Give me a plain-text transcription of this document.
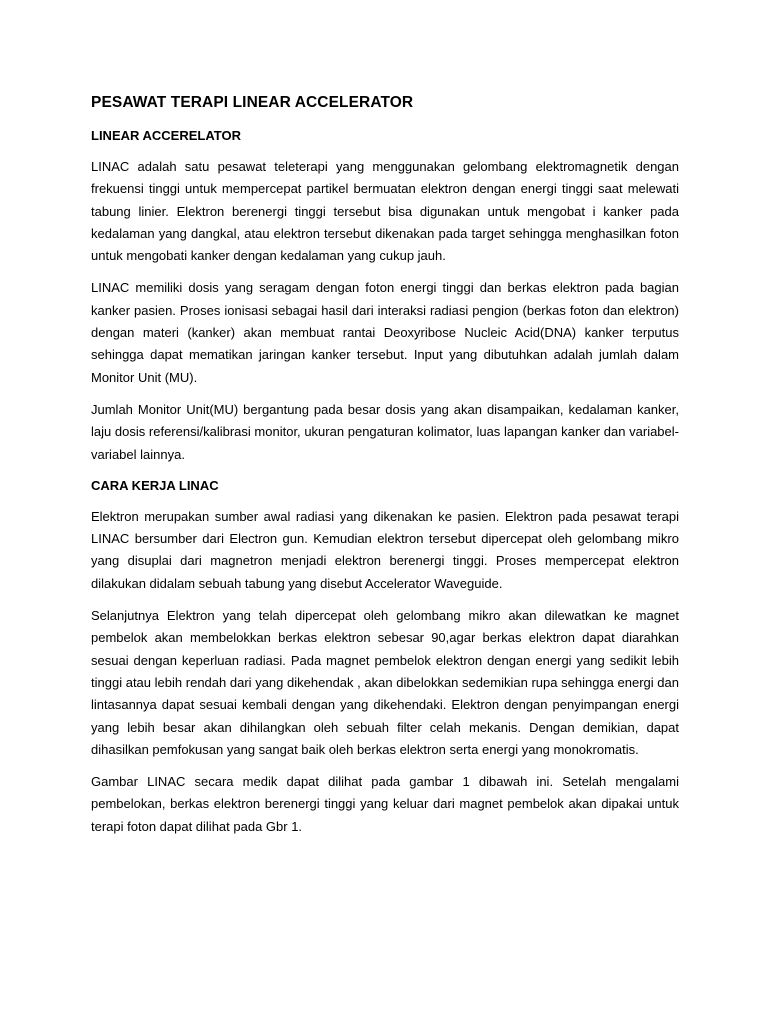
PESAWAT TERAPI LINEAR ACCELERATOR
LINEAR ACCERELATOR

LINAC adalah satu pesawat teleterapi yang menggunakan gelombang elektromagnetik dengan frekuensi tinggi untuk mempercepat partikel bermuatan elektron dengan energi tinggi saat melewati tabung linier. Elektron berenergi tinggi tersebut bisa digunakan untuk mengobat i kanker pada kedalaman yang dangkal, atau elektron tersebut dikenakan pada target sehingga menghasilkan foton untuk mengobati kanker dengan kedalaman yang cukup jauh.

LINAC memiliki dosis yang seragam dengan foton energi tinggi dan berkas elektron pada bagian kanker pasien. Proses ionisasi sebagai hasil dari interaksi radiasi pengion (berkas foton dan elektron) dengan materi (kanker) akan membuat rantai Deoxyribose Nucleic Acid(DNA) kanker terputus sehingga dapat mematikan jaringan kanker tersebut. Input yang dibutuhkan adalah jumlah dalam Monitor Unit (MU).

Jumlah Monitor Unit(MU) bergantung pada besar dosis yang akan disampaikan, kedalaman kanker, laju dosis referensi/kalibrasi monitor, ukuran pengaturan kolimator, luas lapangan kanker dan variabel-variabel lainnya.

CARA KERJA LINAC

Elektron merupakan sumber awal radiasi yang dikenakan ke pasien. Elektron pada pesawat terapi LINAC bersumber dari Electron gun. Kemudian elektron tersebut dipercepat oleh gelombang mikro yang disuplai dari magnetron menjadi elektron berenergi tinggi. Proses mempercepat elektron dilakukan didalam sebuah tabung yang disebut Accelerator Waveguide.

Selanjutnya Elektron yang telah dipercepat oleh gelombang mikro akan dilewatkan ke magnet pembelok akan membelokkan berkas elektron sebesar 90,agar berkas elektron dapat diarahkan sesuai dengan keperluan radiasi. Pada magnet pembelok elektron dengan energi yang sedikit lebih tinggi atau lebih rendah dari yang dikehendak , akan dibelokkan sedemikian rupa sehingga energi dan lintasannya dapat sesuai kembali dengan yang dikehendaki. Elektron dengan penyimpangan energi yang lebih besar akan dihilangkan oleh sebuah filter celah mekanis. Dengan demikian, dapat dihasilkan pemfokusan yang sangat baik oleh berkas elektron serta energi yang monokromatis.

Gambar LINAC secara medik dapat dilihat pada gambar 1 dibawah ini. Setelah mengalami pembelokan, berkas elektron berenergi tinggi yang keluar dari magnet pembelok akan dipakai untuk terapi foton dapat dilihat pada Gbr 1.
